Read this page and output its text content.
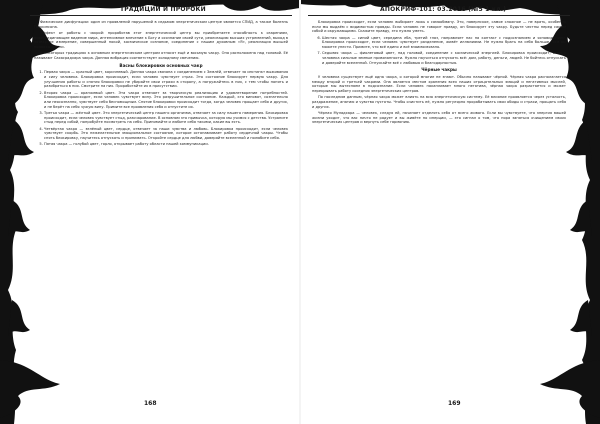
ТРАДИЦИИ И ПРОРОКИ

Физические дисфункции: один из проявлений нарушений в седьмом энергетическом центре является СПИД, а также болезнь Паркинсона.

Эффект от работы с чакрой: проработав этот энергетический центр вы приобретаете способность к озарениям, всеобъединяющее видение мира, интенсивное влечение к Богу и осознание своей сути, реализацию высших устремлений, выход в четвертое измерение, совершенный покой, космическое сознание, соединение с нашим духовным «Я», реализация высшей полноты жизни.

В некоторых традициях к основным энергетическим центрам относят ещё и восьмую чакру. Она расположена над головой. Её называют Сахасрадхара чакра. Данная вибрация соответствует холодному свечению.

Васны блокировки основных чакр
1. Первая чакра — красный цвет, коричневый. Данная чакра связана с соединением с Землёй, отвечает за инстинкт выживания и силу человека. Блокировка происходит, если человек чувствует страх. Это состояние блокирует первую чакру. Для улучшения работы и снятия блокировки не убирайте свои страхи в сторону, а погружайтесь в них, с тем чтобы понять и разобраться в них. Смотрите на них. Проработайте их в присутствии.
2. Вторая чакра — оранжевый цвет. Эта чакра отвечает за творческую реализацию и удовлетворение потребностей. Блокировка происходит, если человек чувствует вину. Это разрушительное состояние. Каждый, кто виноват, сознательно или неосознанно, чувствует себя беспомощным. Снятие блокировки происходит тогда, когда человек прощает себя и других, и не берёт на себя чужую вину. Примите все проявления себя и отпустите их.
3. Третья чакра — жёлтый цвет. Это энергетический центр нашего организма, отвечает за силу нашего намерения. Блокировка происходит, если человек чувствует стыд, разочарование. В основном это привычка, которую мы учимся с детства. Устраните стыд перед собой, попробуйте посмотреть на себя. Принимайте и любите себя такими, какие вы есть.
4. Четвёртая чакра — зелёный цвет, сердце, отвечает за наши чувства и любовь. Блокировка происходит, если человек чувствует скорбь. Это нежелательное эмоциональное состояние, которое останавливает работу сердечной чакры. Чтобы снять блокировку, научитесь отпускать и принимать. Откройте сердце для любви, доверяйте вселенной и полюбите себя.
5. Пятая чакра — голубой цвет, горло, открывает работу области нашей коммуникации.
168
АПОКРИФ-101: 03.2016 (№5 1 кл.)

Блокировка происходит, если человек выбирает ложь к самообману. Это, навернское, самое сложное — не врать, особенно если мы выдаём с видимостью правды. Если человек не говорит правду, он блокирует эту чакру. Будьте честны перед самим собой и окружающими. Скажите правду, это нужно уметь.

6. Шестая чакра — синий цвет, середина лба, третий глаз, направляет нас на контакт с подсознанием и ясновидением. Блокировка происходит, если человек чувствует разделение, живёт иллюзиями. Не нужно брать на себя больше, чем вы можете унести. Примите, что всё едино и всё взаимосвязано.
7. Седьмая чакра — фиолетовый цвет, над головой, соединение с космической энергией. Блокировка происходит, если у человека сильные земные привязанности. Нужно научиться отпускать всё: дом, работу, деньги, людей. Не бойтесь отпускать и доверяйте вселенной. Отпускайте всё с любовью и благодарностью.
Чёрные чакры

У человека существует ещё одна чакра, о которой многие не знают. Обычно называют чёрной. Чёрная чакра располагается между второй и третьей чакрами. Она является местом хранения всех наших отрицательных эмоций и негативных мыслей, которые мы вытесняем в подсознание. Если человек накапливает много негатива, чёрная чакра разрастается и может перекрывать работу соседних энергетических центров.

По последним данным, чёрная чакра может влиять на всю энергетическую систему. Её влияние проявляется через усталость, раздражение, апатию и чувство пустоты. Чтобы очистить её, нужно регулярно прорабатывать свои обиды и страхи, прощать себя и других.

Чёрная Муладхара — человек, следуя ей, начинает отделять себя от всего живого. Если вы чувствуете, что энергия вашей жизни уходит, что вас ничто не радует и вы живёте по инерции, — это сигнал о том, что пора заняться очищением своих энергетических центров и вернуть себе гармонию.

169
